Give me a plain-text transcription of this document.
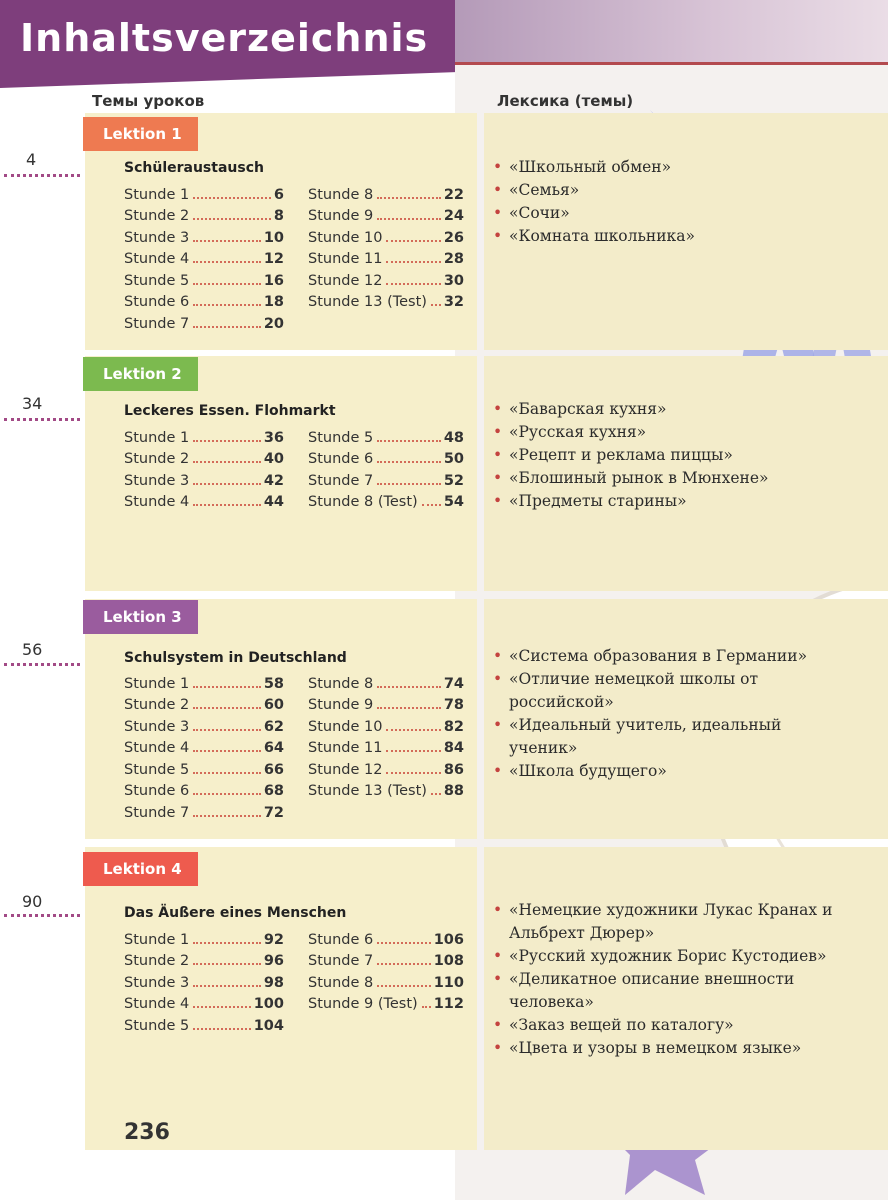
Inhaltsverzeichnis
Темы уроков	Лексика (темы)
Lektion 1
4	Schüleraustausch
Stunde 1	6
Stunde 2	8
Stunde 3	10
Stunde 4	12
Stunde 5	16
Stunde 6	18
Stunde 7	20
Stunde 8	22
Stunde 9	24
Stunde 10	26
Stunde 11	28
Stunde 12	30
Stunde 13 (Test) 32
• «Школьный обмен»
• «Семья»
• «Сочи»
• «Комната школьника»
Lektion 2
34	Leckeres Essen. Flohmarkt
Stunde 1	36
Stunde 2	40
Stunde 3	42
Stunde 4	44
Stunde 5	48
Stunde 6	50
Stunde 7	52
Stunde 8 (Test) 54
• «Баварская кухня»
• «Русская кухня»
• «Рецепт и реклама пиццы»
• «Блошиный рынок в Мюнхене»
• «Предметы старины»
Lektion 3
56	Schulsystem in Deutschland
Stunde 1	58
Stunde 2	60
Stunde 3	62
Stunde 4	64
Stunde 5	66
Stunde 6	68
Stunde 7	72
Stunde 8	74
Stunde 9	78
Stunde 10	82
Stunde 11	84
Stunde 12	86
Stunde 13 (Test) 88
• «Система образования в Германии»
• «Отличие немецкой школы от российской»
• «Идеальный учитель, идеальный ученик»
• «Школа будущего»
Lektion 4
90
Das Äußere eines Menschen
Stunde 1	92
Stunde 2	96
Stunde 3	98
Stunde 4	100
Stunde 5	104
Stunde 6	106
Stunde 7	108
Stunde 8	110
Stunde 9 (Test) 112
• «Немецкие художники Лукас Кранах и Альбрехт Дюрер»
• «Русский художник Борис Кустодиев»
• «Деликатное описание внешности человека»
• «Заказ вещей по каталогу»
• «Цвета и узоры в немецком языке»
236
